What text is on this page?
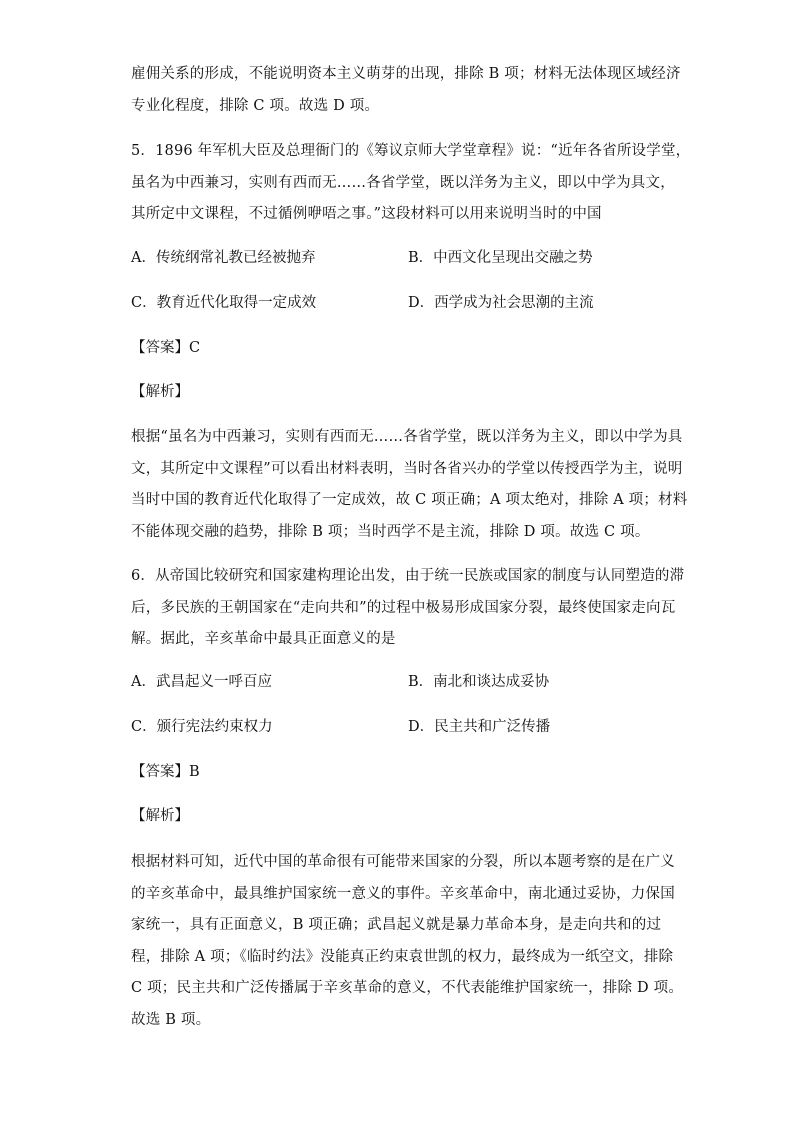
雇佣关系的形成，不能说明资本主义萌芽的出现，排除 B 项；材料无法体现区域经济
专业化程度，排除 C 项。故选 D 项。
5．1896 年军机大臣及总理衙门的《筹议京师大学堂章程》说：“近年各省所设学堂，
虽名为中西兼习，实则有西而无……各省学堂，既以洋务为主义，即以中学为具文，
其所定中文课程，不过循例咿唔之事。”这段材料可以用来说明当时的中国
A．传统纲常礼教已经被抛弃	B．中西文化呈现出交融之势
C．教育近代化取得一定成效	D．西学成为社会思潮的主流
【答案】C
【解析】
根据“虽名为中西兼习，实则有西而无……各省学堂，既以洋务为主义，即以中学为具
文，其所定中文课程”可以看出材料表明，当时各省兴办的学堂以传授西学为主，说明
当时中国的教育近代化取得了一定成效，故 C 项正确；A 项太绝对，排除 A 项；材料
不能体现交融的趋势，排除 B 项；当时西学不是主流，排除 D 项。故选 C 项。
6．从帝国比较研究和国家建构理论出发，由于统一民族或国家的制度与认同塑造的滞
后，多民族的王朝国家在“走向共和”的过程中极易形成国家分裂，最终使国家走向瓦
解。据此，辛亥革命中最具正面意义的是
A．武昌起义一呼百应	B．南北和谈达成妥协
C．颁行宪法约束权力	D．民主共和广泛传播
【答案】B
【解析】
根据材料可知，近代中国的革命很有可能带来国家的分裂，所以本题考察的是在广义
的辛亥革命中，最具维护国家统一意义的事件。辛亥革命中，南北通过妥协，力保国
家统一，具有正面意义，B 项正确；武昌起义就是暴力革命本身，是走向共和的过
程，排除 A 项；《临时约法》没能真正约束袁世凯的权力，最终成为一纸空文，排除
C 项；民主共和广泛传播属于辛亥革命的意义，不代表能维护国家统一，排除 D 项。
故选 B 项。
